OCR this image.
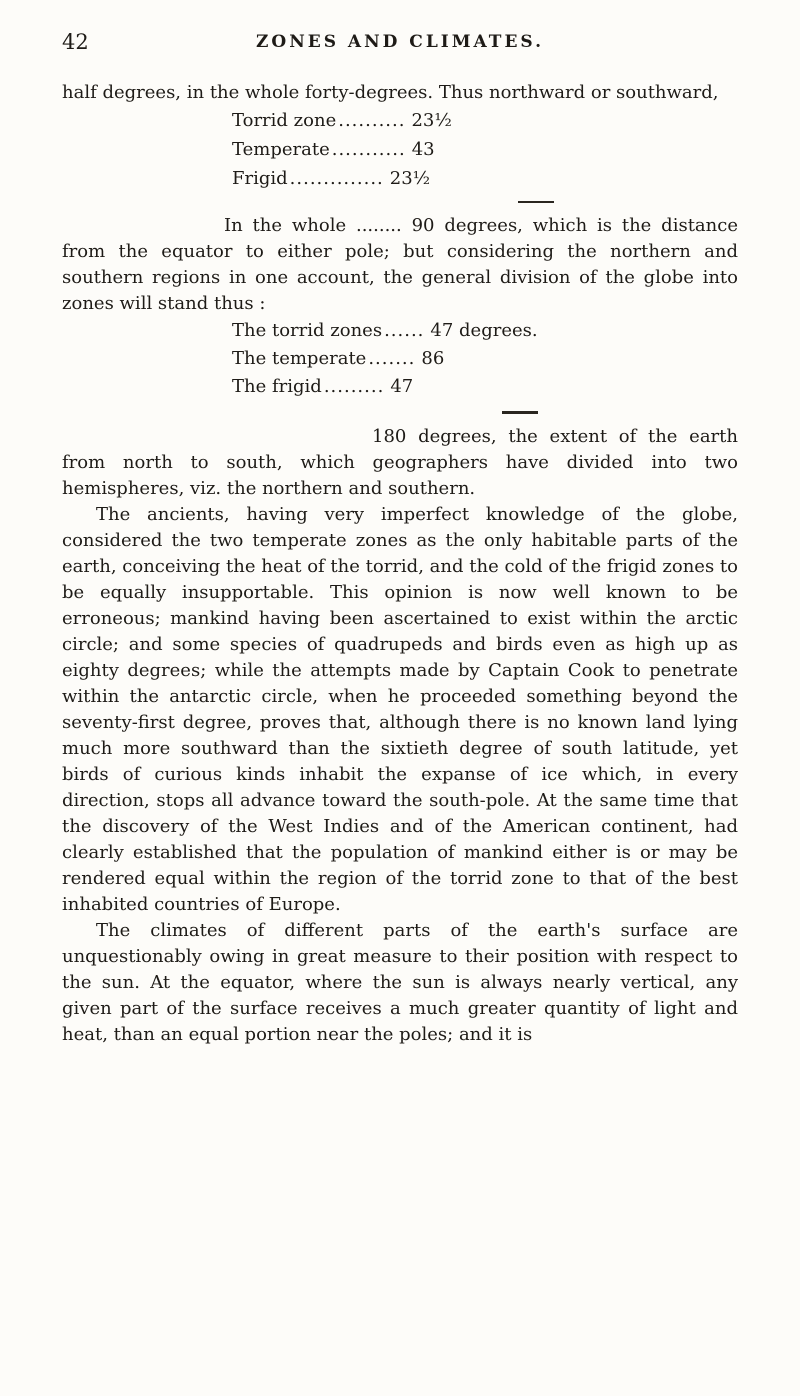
42	ZONES AND CLIMATES.

half degrees, in the whole forty-degrees. Thus northward or southward,

Torrid zone .......... 23½
Temperate ........... 43
Frigid .............. 23½

In the whole ........ 90 degrees, which is the distance from the equator to either pole; but considering the northern and southern regions in one account, the general division of the globe into zones will stand thus :

The torrid zones ...... 47 degrees.
The temperate ....... 86
The frigid ......... 47

180 degrees, the extent of the earth from north to south, which geographers have divided into two hemispheres, viz. the northern and southern.

The ancients, having very imperfect knowledge of the globe, considered the two temperate zones as the only habitable parts of the earth, conceiving the heat of the torrid, and the cold of the frigid zones to be equally insupportable. This opinion is now well known to be erroneous; mankind having been ascertained to exist within the arctic circle; and some species of quadrupeds and birds even as high up as eighty degrees; while the attempts made by Captain Cook to penetrate within the antarctic circle, when he proceeded something beyond the seventy-first degree, proves that, although there is no known land lying much more southward than the sixtieth degree of south latitude, yet birds of curious kinds inhabit the expanse of ice which, in every direction, stops all advance toward the south-pole. At the same time that the discovery of the West Indies and of the American continent, had clearly established that the population of mankind either is or may be rendered equal within the region of the torrid zone to that of the best inhabited countries of Europe.

The climates of different parts of the earth's surface are unquestionably owing in great measure to their position with respect to the sun. At the equator, where the sun is always nearly vertical, any given part of the surface receives a much greater quantity of light and heat, than an equal portion near the poles; and it is
